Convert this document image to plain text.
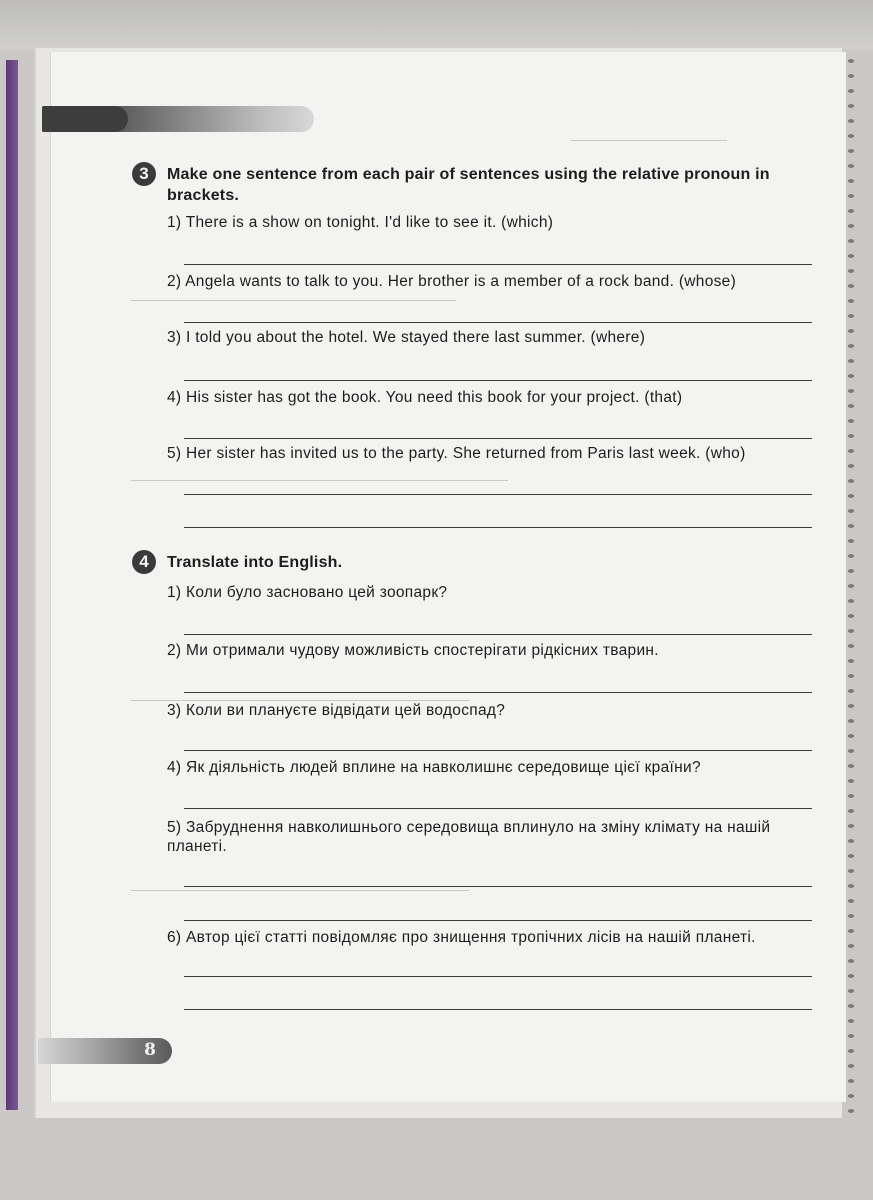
————————————
—————————————————————————
—————————————————————————————
——————————————————————————
——————————————————————————
3	Make one sentence from each pair of sentences using the relative pronoun in brackets.
1) There is a show on tonight. I'd like to see it. (which)
2) Angela wants to talk to you. Her brother is a member of a rock band. (whose)
3) I told you about the hotel. We stayed there last summer. (where)
4) His sister has got the book. You need this book for your project. (that)
5) Her sister has invited us to the party. She returned from Paris last week. (who)
4	Translate into English.
1) Коли було засновано цей зоопарк?
2) Ми отримали чудову можливість спостерігати рідкісних тварин.
3) Коли ви плануєте відвідати цей водоспад?
4) Як діяльність людей вплине на навколишнє середовище цієї країни?
5) Забруднення навколишнього середовища вплинуло на зміну клімату на нашій планеті.
6) Автор цієї статті повідомляє про знищення тропічних лісів на нашій планеті.
8
